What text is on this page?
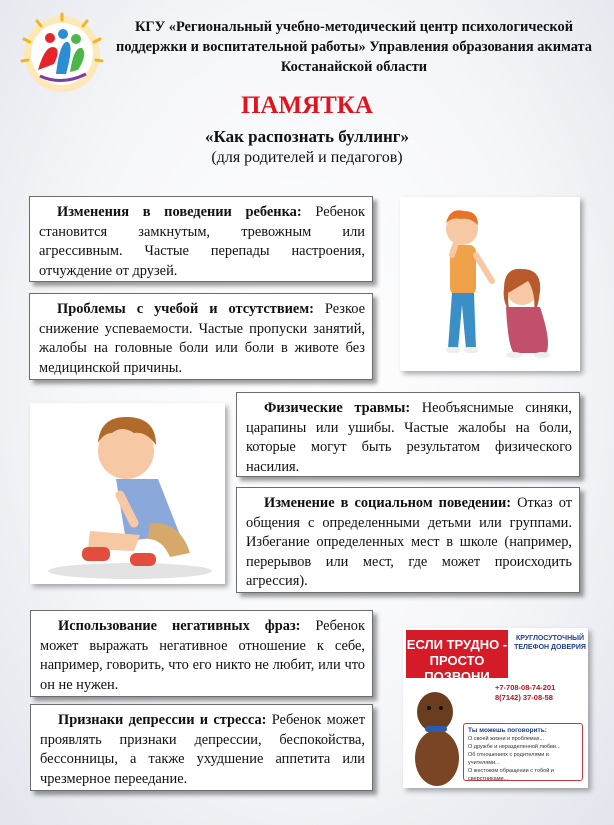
КГУ «Региональный учебно-методический центр психологической поддержки и воспитательной работы» Управления образования акимата Костанайской области
ПАМЯТКА
«Как распознать буллинг»
(для родителей и педагогов)
Изменения в поведении ребенка: Ребенок становится замкнутым, тревожным или агрессивным. Частые перепады настроения, отчуждение от друзей.
Проблемы с учебой и отсутствием: Резкое снижение успеваемости. Частые пропуски занятий, жалобы на головные боли или боли в животе без медицинской причины.
Физические травмы: Необъяснимые синяки, царапины или ушибы. Частые жалобы на боли, которые могут быть результатом физического насилия.
Изменение в социальном поведении: Отказ от общения с определенными детьми или группами. Избегание определенных мест в школе (например, перерывов или мест, где может происходить агрессия).
Использование негативных фраз: Ребенок может выражать негативное отношение к себе, например, говорить, что его никто не любит, или что он не нужен.
Признаки депрессии и стресса: Ребенок может проявлять признаки депрессии, беспокойства, бессонницы, а также ухудшение аппетита или чрезмерное переедание.
ЕСЛИ ТРУДНО -
ПРОСТО ПОЗВОНИ
КРУГЛОСУТОЧНЫЙ ТЕЛЕФОН ДОВЕРИЯ
+7-708-08-74-201
8(7142) 37-08-58
Ты можешь поговорить:
О своей жизни и проблемах...
О дружбе и неразделенной любви...
Об отношениях с родителями и учителями...
О жестоком обращении с тобой и сверстниками...
